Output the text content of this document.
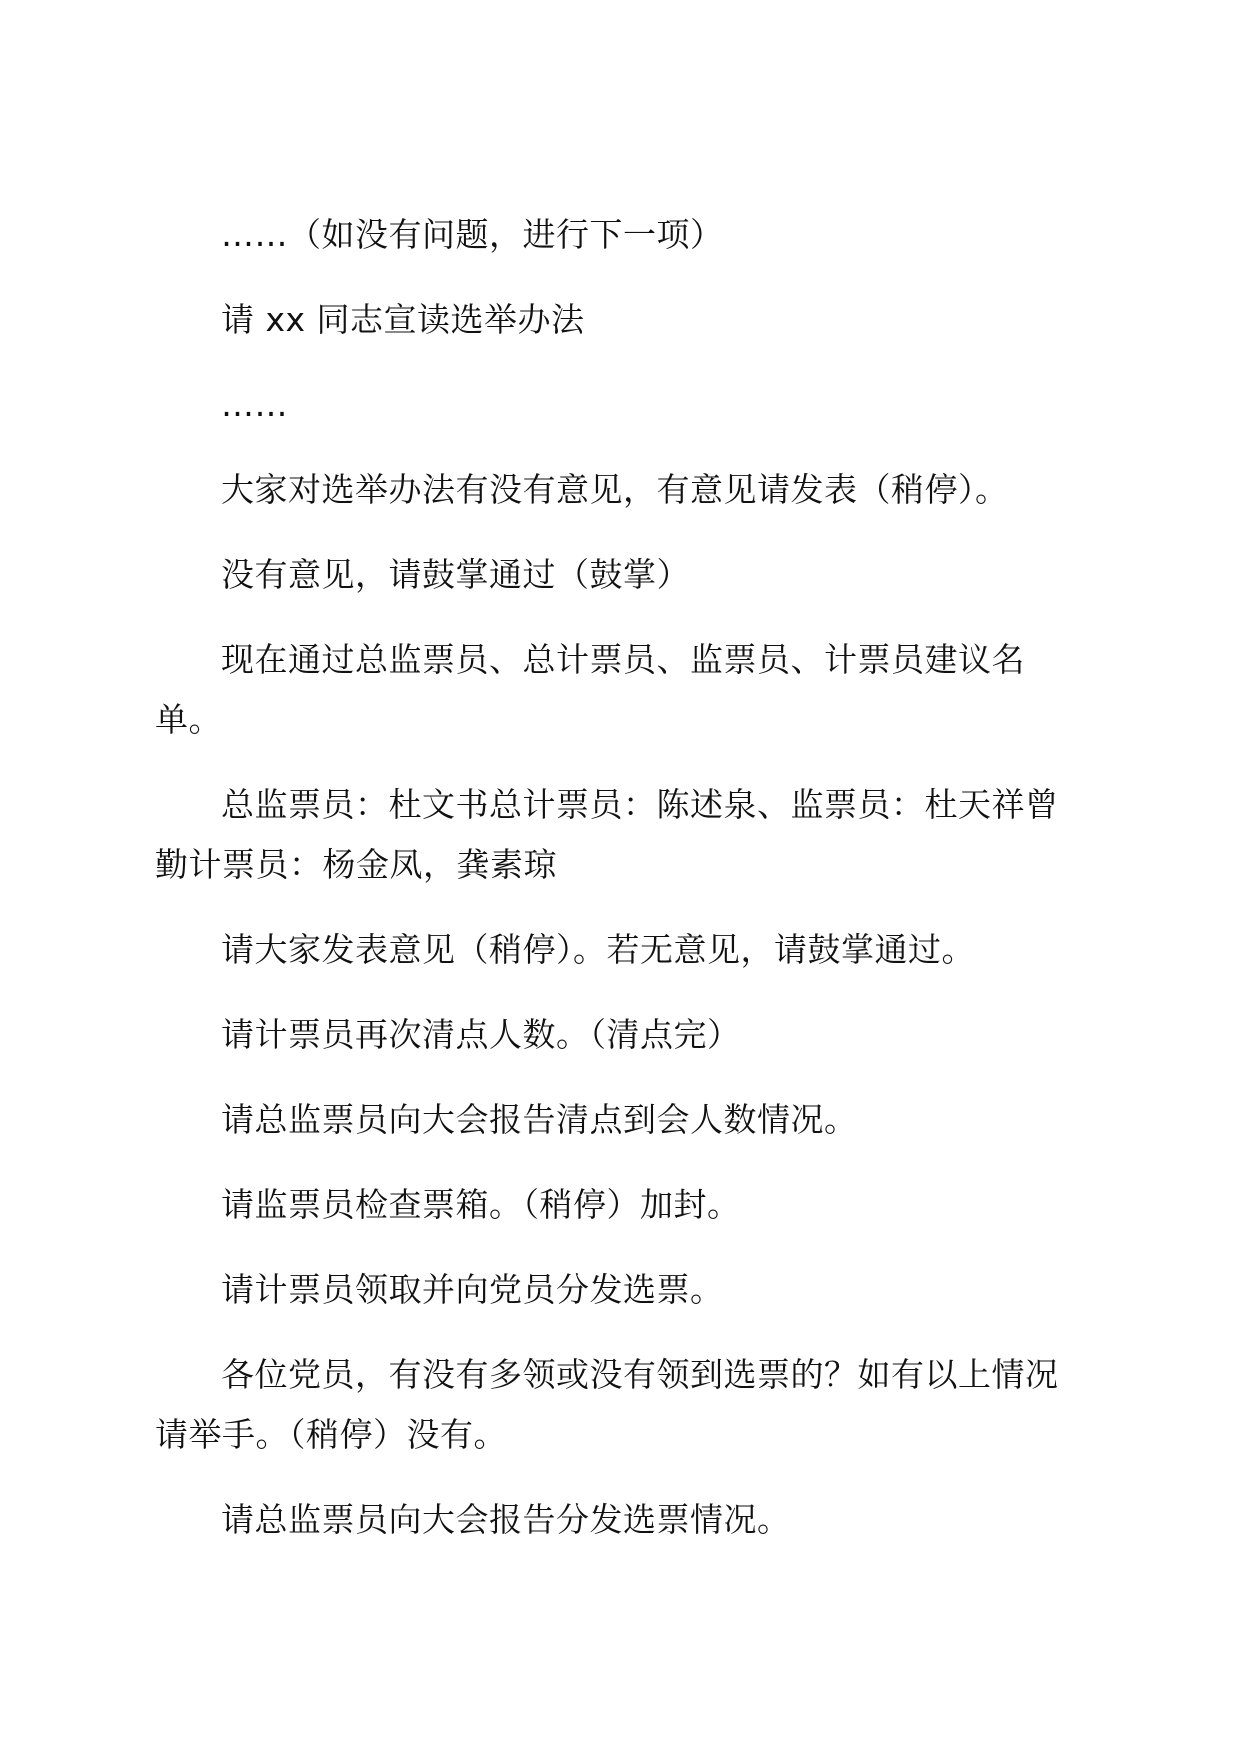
……（如没有问题，进行下一项）

请 xx 同志宣读选举办法

……

大家对选举办法有没有意见，有意见请发表（稍停）。

没有意见，请鼓掌通过（鼓掌）

现在通过总监票员、总计票员、监票员、计票员建议名单。

总监票员：杜文书总计票员：陈述泉、监票员：杜天祥曾勤计票员：杨金凤，龚素琼

请大家发表意见（稍停）。若无意见，请鼓掌通过。

请计票员再次清点人数。（清点完）

请总监票员向大会报告清点到会人数情况。

请监票员检查票箱。（稍停）加封。

请计票员领取并向党员分发选票。

各位党员，有没有多领或没有领到选票的？如有以上情况请举手。（稍停）没有。

请总监票员向大会报告分发选票情况。
